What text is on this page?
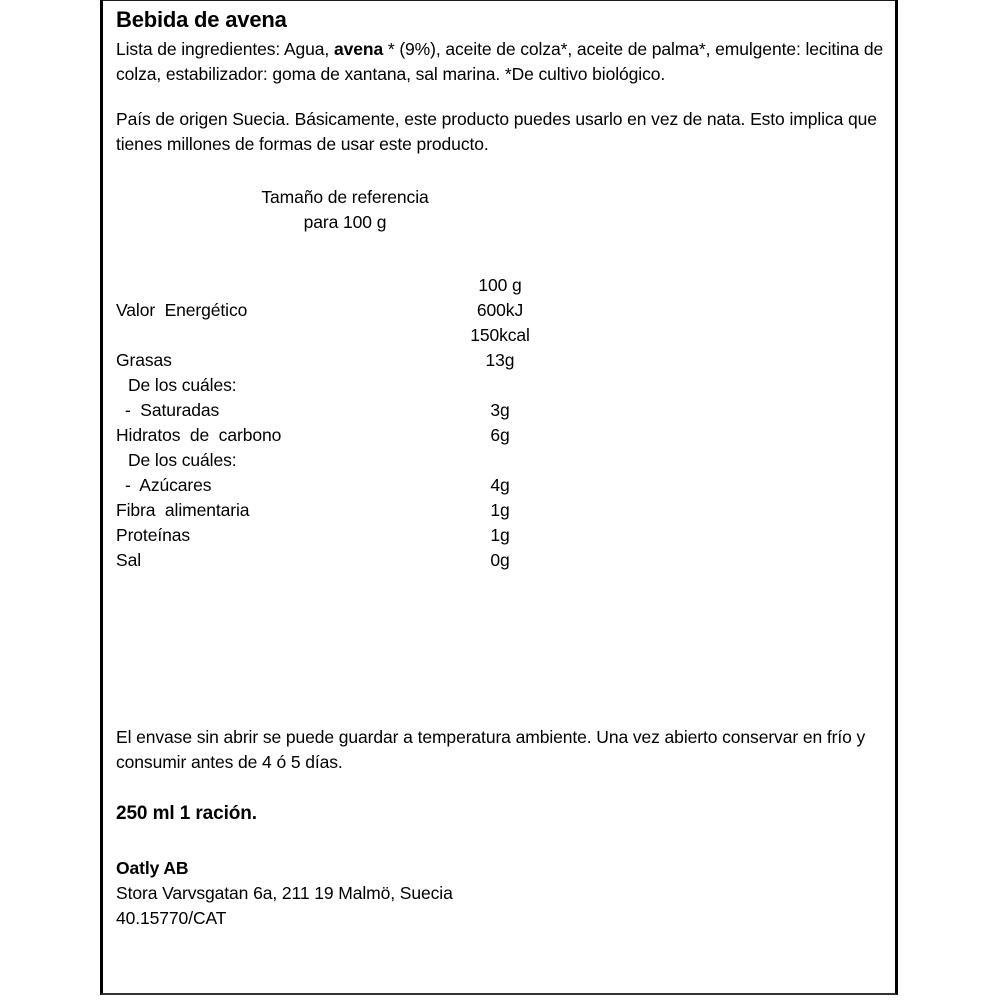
Bebida de avena

Lista de ingredientes: Agua, avena * (9%), aceite de colza*, aceite de palma*, emulgente: lecitina de colza, estabilizador: goma de xantana, sal marina. *De cultivo biológico.

País de origen Suecia. Básicamente, este producto puedes usarlo en vez de nata. Esto implica que tienes millones de formas de usar este producto.

Tamaño de referencia
para 100 g

100 g

Valor  Energético	600kJ
150kcal
Grasas	13g
De los cuáles:
-  Saturadas	3g
Hidratos  de  carbono	6g
De los cuáles:
-  Azúcares	4g
Fibra  alimentaria	1g
Proteínas	1g
Sal	0g

El envase sin abrir se puede guardar a temperatura ambiente. Una vez abierto conservar en frío y consumir antes de 4 ó 5 días.

250 ml 1 ración.
Oatly AB
Stora Varvsgatan 6a, 211 19 Malmö, Suecia
40.15770/CAT
